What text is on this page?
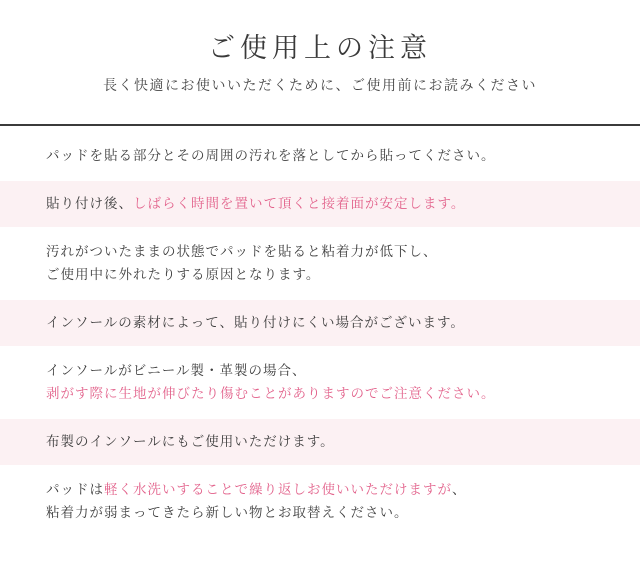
ご使用上の注意
長く快適にお使いいただくために、ご使用前にお読みください
パッドを貼る部分とその周囲の汚れを落としてから貼ってください。
貼り付け後、しばらく時間を置いて頂くと接着面が安定します。
汚れがついたままの状態でパッドを貼ると粘着力が低下し、
ご使用中に外れたりする原因となります。
インソールの素材によって、貼り付けにくい場合がございます。
インソールがビニール製・革製の場合、
剥がす際に生地が伸びたり傷むことがありますのでご注意ください。
布製のインソールにもご使用いただけます。
パッドは軽く水洗いすることで繰り返しお使いいただけますが、
粘着力が弱まってきたら新しい物とお取替えください。
